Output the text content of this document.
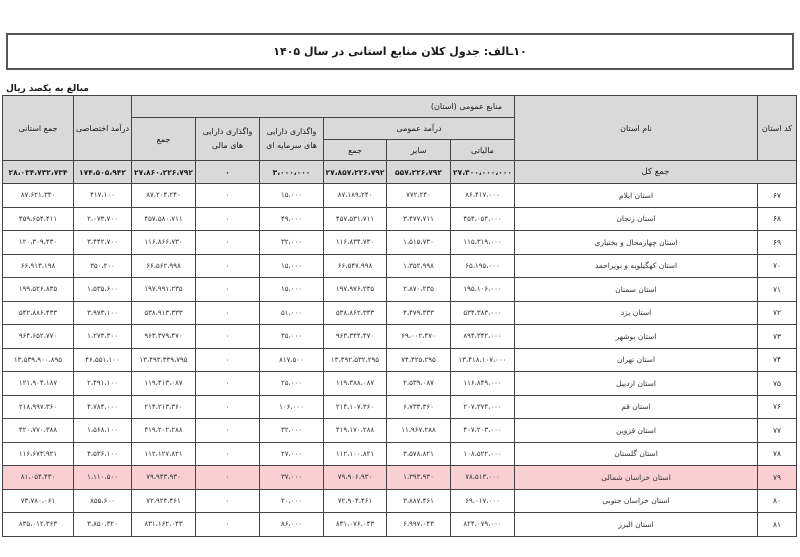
۱۰ـالف: جدول کلان منابع استانی در سال ۱۴۰۵
مبالغ به یکصد ریال
کد استان	نام استان	منابع عمومی (استان)						درآمد اختصاصی	جمع استانی
		درآمد عمومی			واگذاری دارایی های سرمایه ای	واگذاری دارایی های مالی	جمع		
		مالیاتی	سایر	جمع					
جمع کل		۲۷،۳۰۰،۰۰۰،۰۰۰	۵۵۷،۲۲۶،۷۹۲	۲۷،۸۵۷،۲۲۶،۷۹۲	۳،۰۰۰،۰۰۰	۰	۲۷،۸۶۰،۲۲۶،۷۹۲	۱۷۴،۵۰۵،۹۴۲	۲۸،۰۳۴،۷۳۲،۷۳۴
۶۷	استان ایلام	۸۶،۴۱۷،۰۰۰	۷۷۲،۲۴۰	۸۷،۱۸۹،۲۴۰	۱۵،۰۰۰	۰	۸۷،۲۰۴،۲۴۰	۴۱۷،۱۰۰	۸۷،۶۲۱،۳۴۰
۶۸	استان زنجان	۴۵۴،۰۵۴،۰۰۰	۳،۴۷۷،۷۱۱	۴۵۷،۵۳۱،۷۱۱	۴۹،۰۰۰	۰	۴۵۷،۵۸۰،۷۱۱	۲،۰۷۳،۷۰۰	۴۵۹،۶۵۴،۴۱۱
۶۹	استان چهارمحال و بختیاری	۱۱۵،۳۱۹،۰۰۰	۱،۵۱۵،۷۳۰	۱۱۶،۸۳۴،۷۳۰	۳۲،۰۰۰	۰	۱۱۶،۸۶۶،۷۳۰	۳،۴۴۲،۷۰۰	۱۲۰،۳۰۹،۴۳۰
۷۰	استان کهگیلویه و بویراحمد	۶۵،۱۹۵،۰۰۰	۱،۳۵۲،۹۹۸	۶۶،۵۴۷،۹۹۸	۱۵،۰۰۰	۰	۶۶،۵۶۲،۹۹۸	۳۵۰،۲۰۰	۶۶،۹۱۳،۱۹۸
۷۱	استان سمنان	۱۹۵،۱۰۶،۰۰۰	۲،۸۷۰،۲۳۵	۱۹۷،۹۷۶،۲۳۵	۱۵،۰۰۰	۰	۱۹۷،۹۹۱،۲۳۵	۱،۵۳۵،۶۰۰	۱۹۹،۵۲۶،۸۳۵
۷۲	استان یزد	۵۳۴،۳۸۳،۰۰۰	۴،۴۷۹،۳۳۳	۵۳۸،۸۶۲،۳۳۳	۵۱،۰۰۰	۰	۵۳۸،۹۱۳،۳۳۳	۳،۹۷۳،۱۰۰	۵۴۲،۸۸۶،۴۳۳
۷۳	استان بوشهر	۸۹۴،۳۴۲،۰۰۰	۶۹،۰۰۲،۴۷۰	۹۶۳،۳۴۴،۴۷۰	۳۵،۰۰۰	۰	۹۶۳،۳۷۹،۴۷۰	۱،۲۷۳،۳۰۰	۹۶۴،۶۵۲،۷۷۰
۷۴	استان تهران	۱۳،۴۱۸،۱۰۷،۰۰۰	۷۴،۴۲۵،۲۹۵	۱۳،۴۹۲،۵۳۲،۲۹۵	۸۱۷،۵۰۰	۰	۱۳،۴۹۳،۳۴۹،۷۹۵	۴۶،۵۵۱،۱۰۰	۱۳،۵۳۹،۹۰۰،۸۹۵
۷۵	استان اردبیل	۱۱۶،۸۴۹،۰۰۰	۲،۵۳۹،۰۸۷	۱۱۹،۳۸۸،۰۸۷	۲۵،۰۰۰	۰	۱۱۹،۴۱۳،۰۸۷	۲،۴۹۱،۱۰۰	۱۲۱،۹۰۴،۱۸۷
۷۶	استان قم	۲۰۷،۳۷۴،۰۰۰	۶،۷۳۳،۳۶۰	۲۱۴،۱۰۷،۳۶۰	۱۰۶،۰۰۰	۰	۲۱۴،۲۱۳،۳۶۰	۴،۷۸۴،۰۰۰	۲۱۸،۹۹۷،۳۶۰
۷۷	استان قزوین	۴۰۷،۲۰۳،۰۰۰	۱۱،۹۶۷،۲۸۸	۴۱۹،۱۷۰،۲۸۸	۳۲،۰۰۰	۰	۴۱۹،۲۰۲،۲۸۸	۱،۵۶۸،۱۰۰	۴۲۰،۷۷۰،۳۸۸
۷۸	استان گلستان	۱۰۸،۵۲۲،۰۰۰	۳،۵۷۸،۸۲۱	۱۱۲،۱۰۰،۸۲۱	۲۷،۰۰۰	۰	۱۱۲،۱۲۷،۸۲۱	۴،۵۳۶،۱۰۰	۱۱۶،۶۷۳،۹۲۱
۷۹	استان خراسان شمالی	۷۸،۵۱۳،۰۰۰	۱،۳۹۳،۹۳۰	۷۹،۹۰۶،۹۳۰	۳۷،۰۰۰	۰	۷۹،۹۴۳،۹۳۰	۱،۱۱۰،۵۰۰	۸۱،۰۵۴،۴۳۰
۸۰	استان خراسان جنوبی	۶۹،۰۱۷،۰۰۰	۳،۸۸۷،۴۶۱	۷۲،۹۰۴،۴۶۱	۲۰،۰۰۰	۰	۷۲،۹۲۴،۴۶۱	۸۵۵،۶۰۰	۷۳،۷۸۰،۰۶۱
۸۱	استان البرز	۸۲۴،۰۷۹،۰۰۰	۶،۹۹۷،۰۴۳	۸۳۱،۰۷۶،۰۴۳	۸۶،۰۰۰	۰	۸۳۱،۱۶۲،۰۴۳	۳،۸۵۰،۳۲۰	۸۳۵،۰۱۲،۳۶۳
